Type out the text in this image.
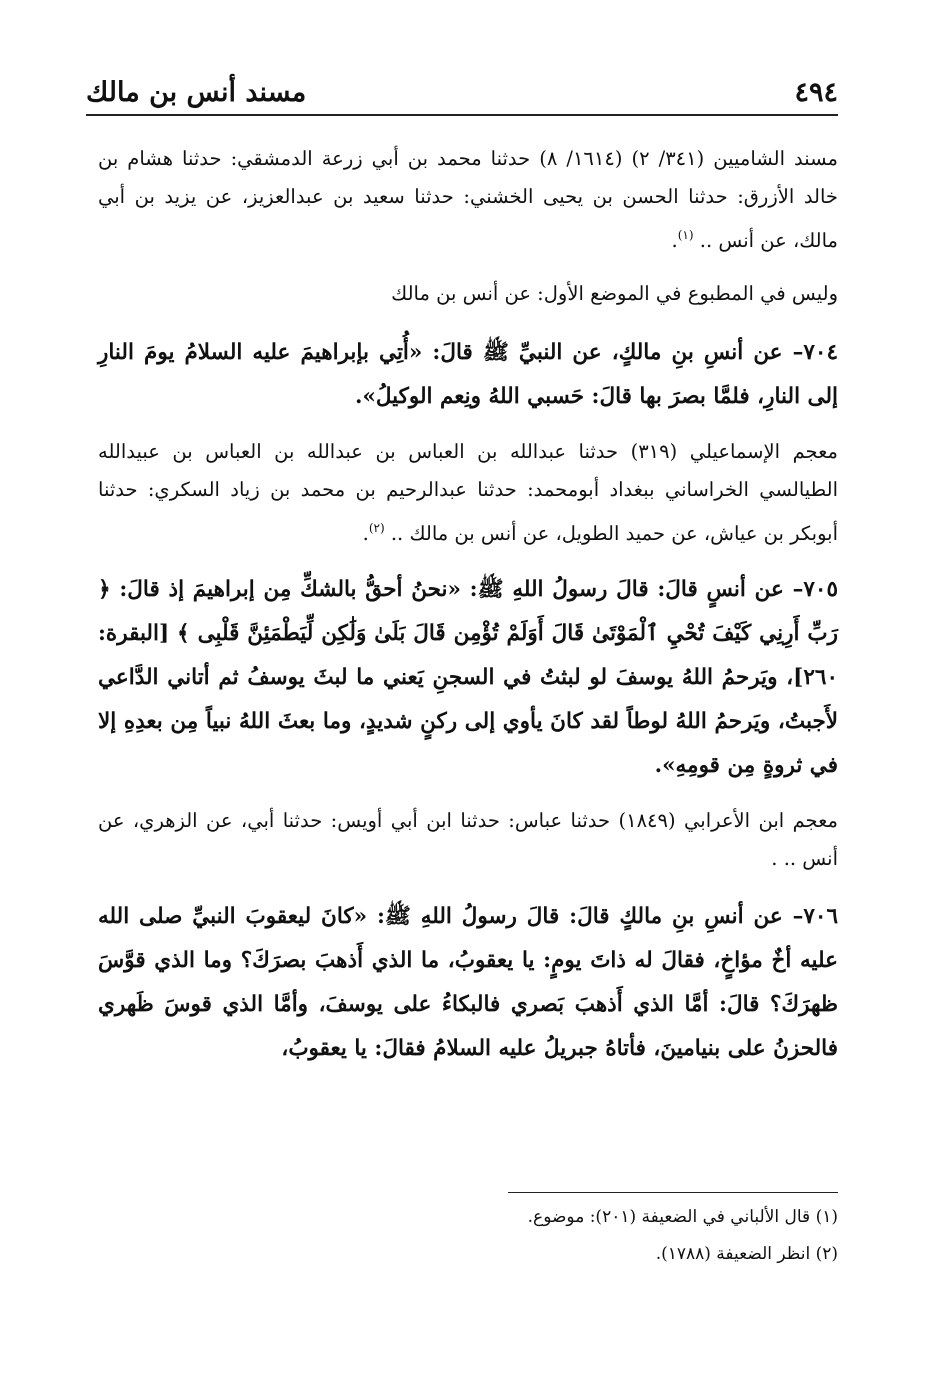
٤٩٤
مسند أنس بن مالك

مسند الشاميين (٣٤١/ ٢) (١٦١٤/ ٨) حدثنا محمد بن أبي زرعة الدمشقي: حدثنا هشام بن خالد الأزرق: حدثنا الحسن بن يحيى الخشني: حدثنا سعيد بن عبدالعزيز، عن يزيد بن أبي مالك، عن أنس .. $^{(١)}$.

وليس في المطبوع في الموضع الأول: عن أنس بن مالك

٧٠٤– عن أنسِ بنِ مالكٍ، عن النبيِّ ﷺ قالَ: «أُتِي بإبراهيمَ عليه السلامُ يومَ النارِ إلى النارِ، فلمَّا بصرَ بها قالَ: حَسبي اللهُ ونِعم الوكيلُ».

معجم الإسماعيلي (٣١٩) حدثنا عبدالله بن العباس بن عبدالله بن العباس بن عبيدالله الطيالسي الخراساني ببغداد أبومحمد: حدثنا عبدالرحيم بن محمد بن زياد السكري: حدثنا أبوبكر بن عياش، عن حميد الطويل، عن أنس بن مالك .. $^{(٢)}$.

٧٠٥– عن أنسٍ قالَ: قالَ رسولُ اللهِ ﷺ: «نحنُ أحقُّ بالشكِّ مِن إبراهيمَ إذ قالَ: ﴿ رَبِّ أَرِنِي كَيْفَ تُحْيِ ٱلْمَوْتَىٰ قَالَ أَوَلَمْ تُؤْمِن قَالَ بَلَىٰ وَلَٰكِن لِّيَطْمَئِنَّ قَلْبِى ﴾ [البقرة: ٢٦٠]، ويَرحمُ اللهُ يوسفَ لو لبثتُ في السجنِ يَعني ما لبثَ يوسفُ ثم أتاني الدَّاعي لأَجبتُ، ويَرحمُ اللهُ لوطاً لقد كانَ يأوي إلى ركنٍ شديدٍ، وما بعثَ اللهُ نبياً مِن بعدِهِ إلا في ثروةٍ مِن قومِهِ».

معجم ابن الأعرابي (١٨٤٩) حدثنا عباس: حدثنا ابن أبي أويس: حدثنا أبي، عن الزهري، عن أنس .. .

٧٠٦– عن أنسِ بنِ مالكٍ قالَ: قالَ رسولُ اللهِ ﷺ: «كانَ ليعقوبَ النبيِّ صلى الله عليه أخٌ مؤاخٍ، فقالَ له ذاتَ يومٍ: يا يعقوبُ، ما الذي أَذهبَ بصرَكَ؟ وما الذي قوَّسَ ظهرَكَ؟ قالَ: أمَّا الذي أَذهبَ بَصري فالبكاءُ على يوسفَ، وأمَّا الذي قوسَ ظَهري فالحزنُ على بنيامينَ، فأتاهُ جبريلُ عليه السلامُ فقالَ: يا يعقوبُ،

(١) قال الألباني في الضعيفة (٢٠١): موضوع.

(٢) انظر الضعيفة (١٧٨٨).
